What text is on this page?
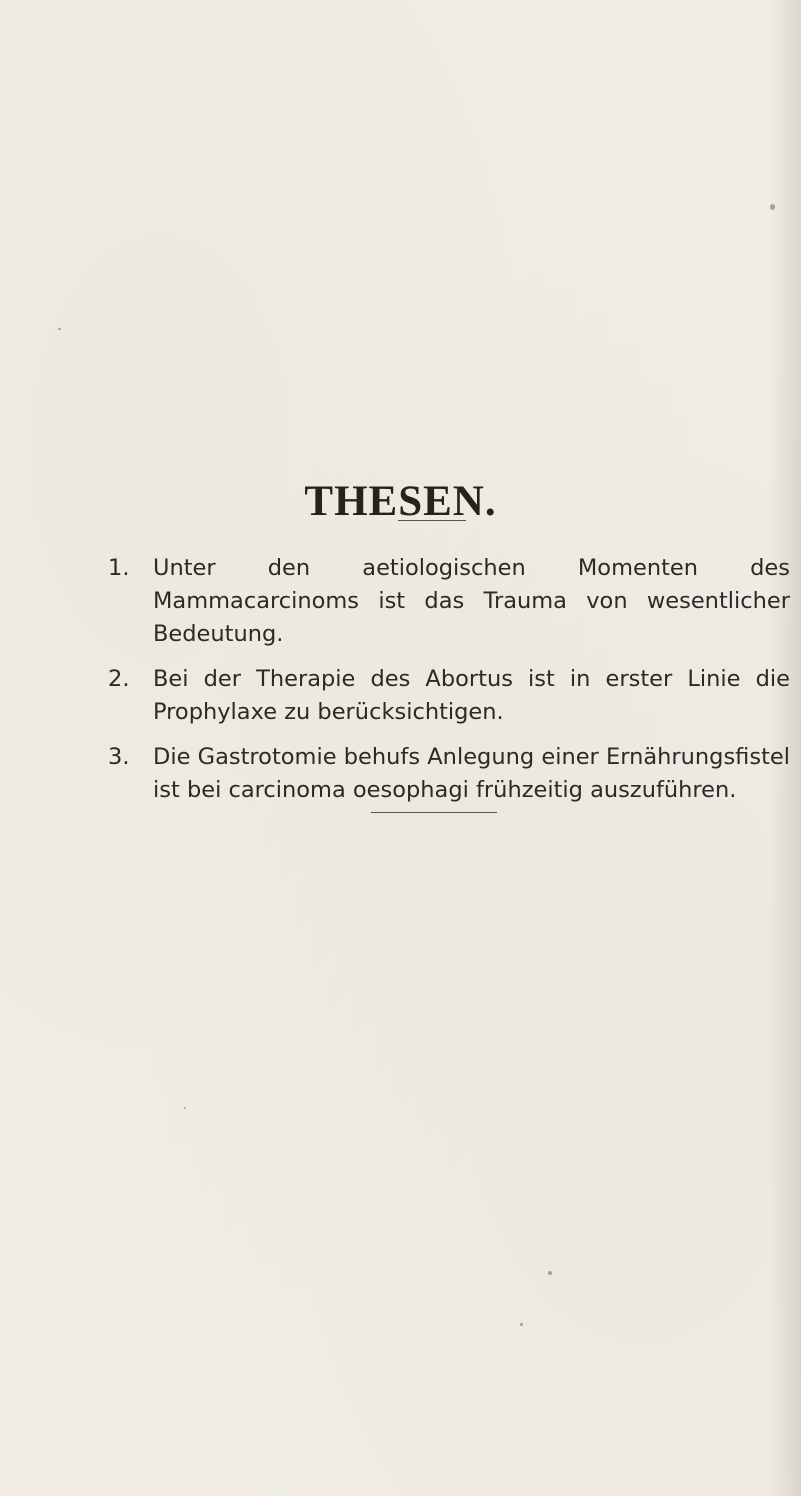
THESEN.
1. Unter den aetiologischen Momenten des Mammacarcinoms ist das Trauma von wesentlicher Bedeutung.
2. Bei der Therapie des Abortus ist in erster Linie die Prophylaxe zu berücksichtigen.
3. Die Gastrotomie behufs Anlegung einer Ernährungsfistel ist bei carcinoma oesophagi frühzeitig auszuführen.
